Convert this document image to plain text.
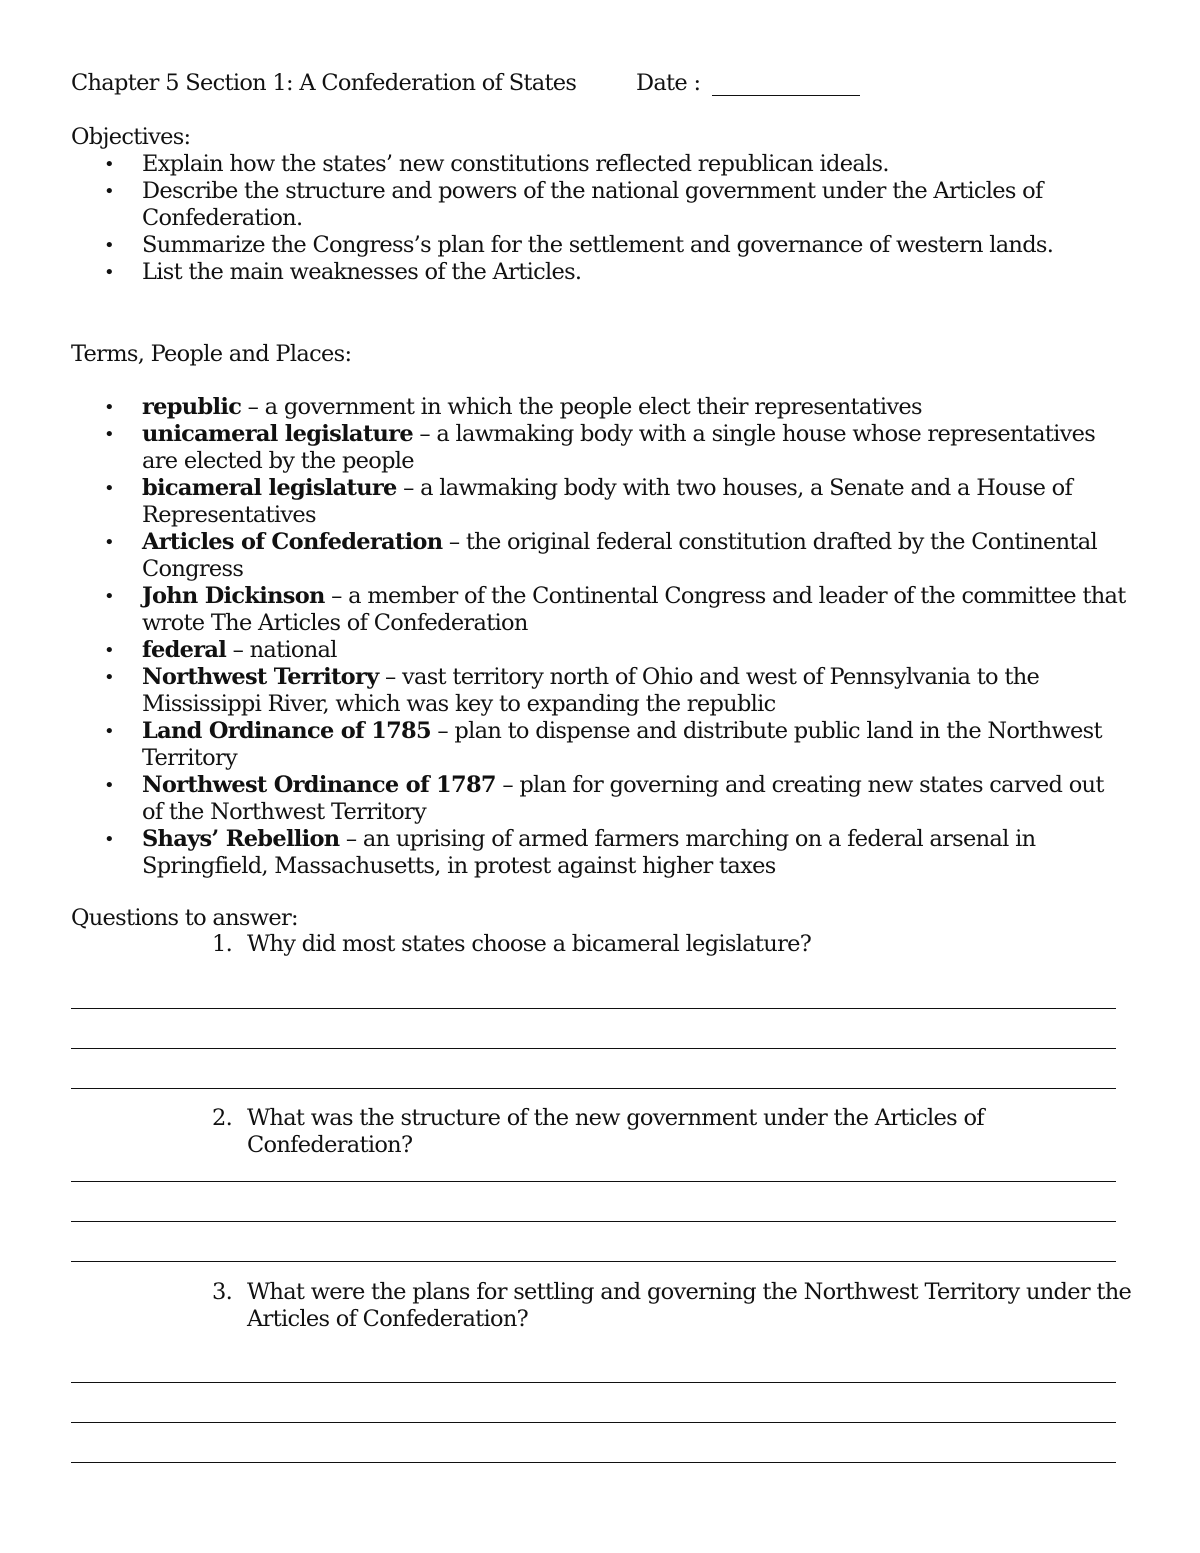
Chapter 5 Section 1: A Confederation of States	Date :
Objectives:
• Explain how the states’ new constitutions reflected republican ideals.
• Describe the structure and powers of the national government under the Articles of Confederation.
• Summarize the Congress’s plan for the settlement and governance of western lands.
• List the main weaknesses of the Articles.
Terms, People and Places:
• republic – a government in which the people elect their representatives
• unicameral legislature – a lawmaking body with a single house whose representatives are elected by the people
• bicameral legislature – a lawmaking body with two houses, a Senate and a House of Representatives
• Articles of Confederation – the original federal constitution drafted by the Continental Congress
• John Dickinson – a member of the Continental Congress and leader of the committee that wrote The Articles of Confederation
• federal – national
• Northwest Territory – vast territory north of Ohio and west of Pennsylvania to the Mississippi River, which was key to expanding the republic
• Land Ordinance of 1785 – plan to dispense and distribute public land in the Northwest Territory
• Northwest Ordinance of 1787 – plan for governing and creating new states carved out of the Northwest Territory
• Shays’ Rebellion – an uprising of armed farmers marching on a federal arsenal in Springfield, Massachusetts, in protest against higher taxes
Questions to answer:
1. Why did most states choose a bicameral legislature?
2. What was the structure of the new government under the Articles of Confederation?
3. What were the plans for settling and governing the Northwest Territory under the Articles of Confederation?
